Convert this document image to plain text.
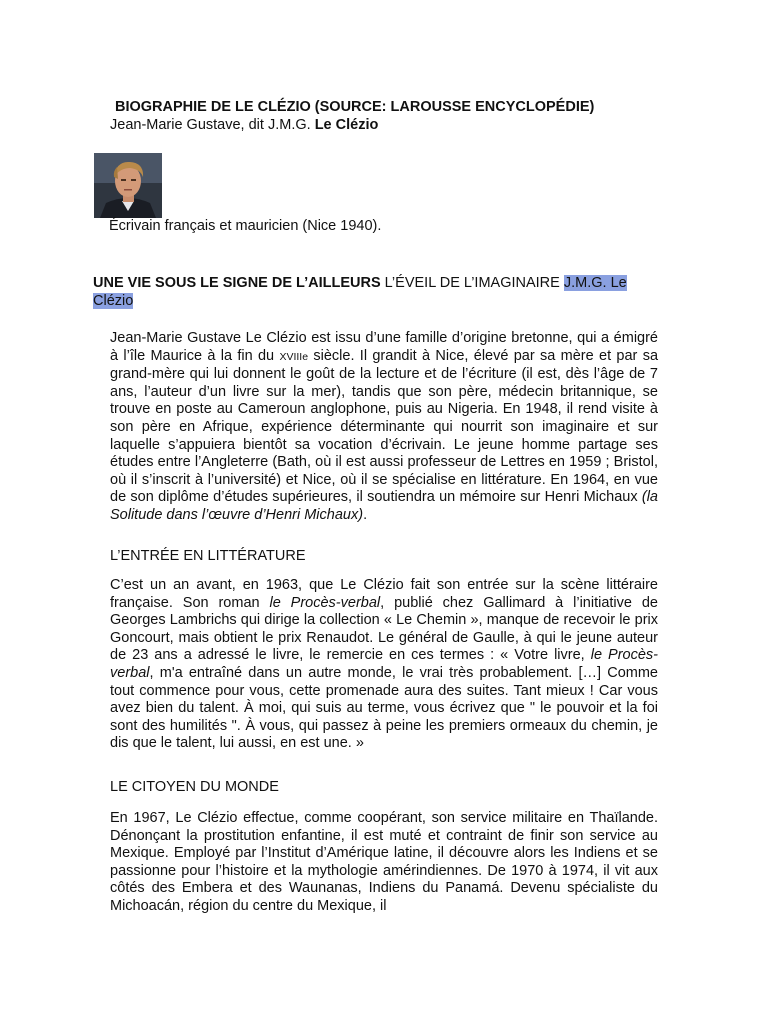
BIOGRAPHIE DE LE CLÉZIO (SOURCE: LAROUSSE ENCYCLOPÉDIE)
Jean-Marie Gustave, dit J.M.G. Le Clézio
Écrivain français et mauricien (Nice 1940).
UNE VIE SOUS LE SIGNE DE L’AILLEURS L’ÉVEIL DE L’IMAGINAIRE J.M.G. Le Clézio

Jean-Marie Gustave Le Clézio est issu d’une famille d’origine bretonne, qui a émigré à l’île Maurice à la fin du XVIIIe siècle. Il grandit à Nice, élevé par sa mère et par sa grand-mère qui lui donnent le goût de la lecture et de l’écriture (il est, dès l’âge de 7 ans, l’auteur d’un livre sur la mer), tandis que son père, médecin britannique, se trouve en poste au Cameroun anglophone, puis au Nigeria. En 1948, il rend visite à son père en Afrique, expérience déterminante qui nourrit son imaginaire et sur laquelle s’appuiera bientôt sa vocation d’écrivain. Le jeune homme partage ses études entre l’Angleterre (Bath, où il est aussi professeur de Lettres en 1959 ; Bristol, où il s’inscrit à l’université) et Nice, où il se spécialise en littérature. En 1964, en vue de son diplôme d’études supérieures, il soutiendra un mémoire sur Henri Michaux (la Solitude dans l’œuvre d’Henri Michaux).

L’ENTRÉE EN LITTÉRATURE

C’est un an avant, en 1963, que Le Clézio fait son entrée sur la scène littéraire française. Son roman le Procès-verbal, publié chez Gallimard à l’initiative de Georges Lambrichs qui dirige la collection « Le Chemin », manque de recevoir le prix Goncourt, mais obtient le prix Renaudot. Le général de Gaulle, à qui le jeune auteur de 23 ans a adressé le livre, le remercie en ces termes : « Votre livre, le Procès-verbal, m'a entraîné dans un autre monde, le vrai très probablement. […] Comme tout commence pour vous, cette promenade aura des suites. Tant mieux ! Car vous avez bien du talent. À moi, qui suis au terme, vous écrivez que " le pouvoir et la foi sont des humilités ". À vous, qui passez à peine les premiers ormeaux du chemin, je dis que le talent, lui aussi, en est une. »

LE CITOYEN DU MONDE

En 1967, Le Clézio effectue, comme coopérant, son service militaire en Thaïlande. Dénonçant la prostitution enfantine, il est muté et contraint de finir son service au Mexique. Employé par l’Institut d’Amérique latine, il découvre alors les Indiens et se passionne pour l’histoire et la mythologie amérindiennes. De 1970 à 1974, il vit aux côtés des Embera et des Waunanas, Indiens du Panamá. Devenu spécialiste du Michoacán, région du centre du Mexique, il
